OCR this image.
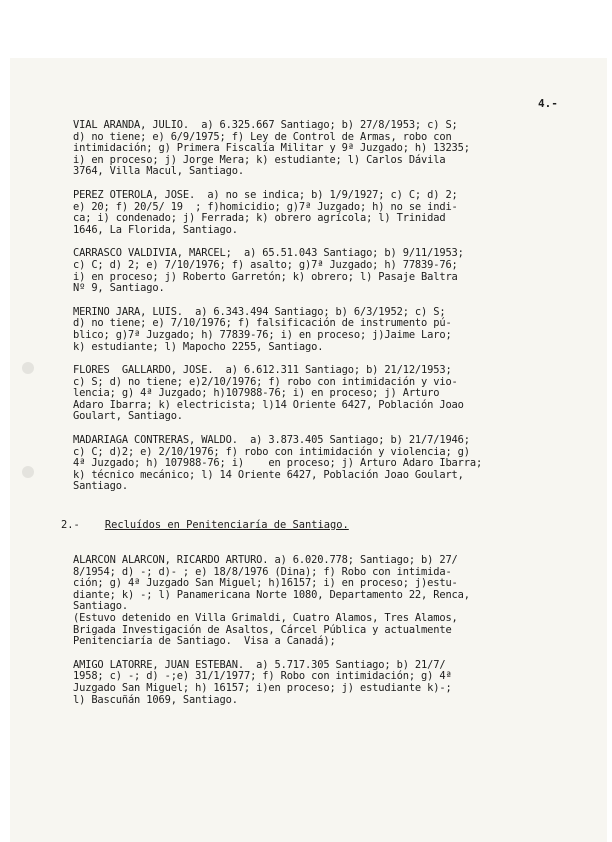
4.-

VIAL ARANDA, JULIO.  a) 6.325.667 Santiago; b) 27/8/1953; c) S;

d) no tiene; e) 6/9/1975; f) Ley de Control de Armas, robo con

intimidación; g) Primera Fiscalía Militar y 9ª Juzgado; h) 13235;

i) en proceso; j) Jorge Mera; k) estudiante; l) Carlos Dávila

3764, Villa Macul, Santiago.

PEREZ OTEROLA, JOSE.  a) no se indica; b) 1/9/1927; c) C; d) 2;

e) 20; f) 20/5/ 19  ; f)homicidio; g)7ª Juzgado; h) no se indi-

ca; i) condenado; j) Ferrada; k) obrero agrícola; l) Trinidad

1646, La Florida, Santiago.

CARRASCO VALDIVIA, MARCEL;  a) 65.51.043 Santiago; b) 9/11/1953;

c) C; d) 2; e) 7/10/1976; f) asalto; g)7ª Juzgado; h) 77839-76;

i) en proceso; j) Roberto Garretón; k) obrero; l) Pasaje Baltra

Nº 9, Santiago.

MERINO JARA, LUIS.  a) 6.343.494 Santiago; b) 6/3/1952; c) S;

d) no tiene; e) 7/10/1976; f) falsificación de instrumento pú-

blico; g)7ª Juzgado; h) 77839-76; i) en proceso; j)Jaime Laro;

k) estudiante; l) Mapocho 2255, Santiago.

FLORES  GALLARDO, JOSE.  a) 6.612.311 Santiago; b) 21/12/1953;

c) S; d) no tiene; e)2/10/1976; f) robo con intimidación y vio-

lencia; g) 4ª Juzgado; h)107988-76; i) en proceso; j) Arturo

Adaro Ibarra; k) electricista; l)14 Oriente 6427, Población Joao

Goulart, Santiago.

MADARIAGA CONTRERAS, WALDO.  a) 3.873.405 Santiago; b) 21/7/1946;

c) C; d)2; e) 2/10/1976; f) robo con intimidación y violencia; g)

4ª Juzgado; h) 107988-76; i)    en proceso; j) Arturo Adaro Ibarra;

k) técnico mecánico; l) 14 Oriente 6427, Población Joao Goulart,

Santiago.

2.- Recluídos en Penitenciaría de Santiago.

ALARCON ALARCON, RICARDO ARTURO. a) 6.020.778; Santiago; b) 27/

8/1954; d) -; d)- ; e) 18/8/1976 (Dina); f) Robo con intimida-

ción; g) 4ª Juzgado San Miguel; h)16157; i) en proceso; j)estu-

diante; k) -; l) Panamericana Norte 1080, Departamento 22, Renca,

Santiago.

(Estuvo detenido en Villa Grimaldi, Cuatro Alamos, Tres Alamos,

Brigada Investigación de Asaltos, Cárcel Pública y actualmente

Penitenciaría de Santiago.  Visa a Canadá);

AMIGO LATORRE, JUAN ESTEBAN.  a) 5.717.305 Santiago; b) 21/7/

1958; c) -; d) -;e) 31/1/1977; f) Robo con intimidación; g) 4ª

Juzgado San Miguel; h) 16157; i)en proceso; j) estudiante k)-;

l) Bascuñán 1069, Santiago.
